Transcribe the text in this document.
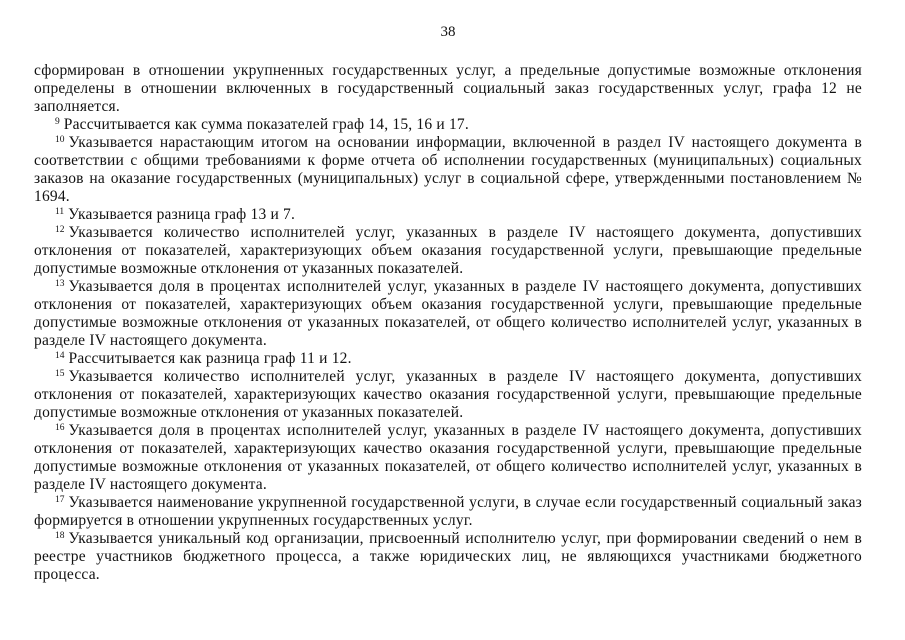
38

сформирован в отношении укрупненных государственных услуг, а предельные допустимые возможные отклонения определены в отношении включенных в государственный социальный заказ государственных услуг, графа 12 не заполняется.

$^9$ Рассчитывается как сумма показателей граф 14, 15, 16 и 17.

$^{10}$ Указывается нарастающим итогом на основании информации, включенной в раздел IV настоящего документа в соответствии с общими требованиями к форме отчета об исполнении государственных (муниципальных) социальных заказов на оказание государственных (муниципальных) услуг в социальной сфере, утвержденными постановлением № 1694.

$^{11}$ Указывается разница граф 13 и 7.

$^{12}$ Указывается количество исполнителей услуг, указанных в разделе IV настоящего документа, допустивших отклонения от показателей, характеризующих объем оказания государственной услуги, превышающие предельные допустимые возможные отклонения от указанных показателей.

$^{13}$ Указывается доля в процентах исполнителей услуг, указанных в разделе IV настоящего документа, допустивших отклонения от показателей, характеризующих объем оказания государственной услуги, превышающие предельные допустимые возможные отклонения от указанных показателей, от общего количество исполнителей услуг, указанных в разделе IV настоящего документа.

$^{14}$ Рассчитывается как разница граф 11 и 12.

$^{15}$ Указывается количество исполнителей услуг, указанных в разделе IV настоящего документа, допустивших отклонения от показателей, характеризующих качество оказания государственной услуги, превышающие предельные допустимые возможные отклонения от указанных показателей.

$^{16}$ Указывается доля в процентах исполнителей услуг, указанных в разделе IV настоящего документа, допустивших отклонения от показателей, характеризующих качество оказания государственной услуги, превышающие предельные допустимые возможные отклонения от указанных показателей, от общего количество исполнителей услуг, указанных в разделе IV настоящего документа.

$^{17}$ Указывается наименование укрупненной государственной услуги, в случае если государственный социальный заказ формируется в отношении укрупненных государственных услуг.

$^{18}$ Указывается уникальный код организации, присвоенный исполнителю услуг, при формировании сведений о нем в реестре участников бюджетного процесса, а также юридических лиц, не являющихся участниками бюджетного процесса.
